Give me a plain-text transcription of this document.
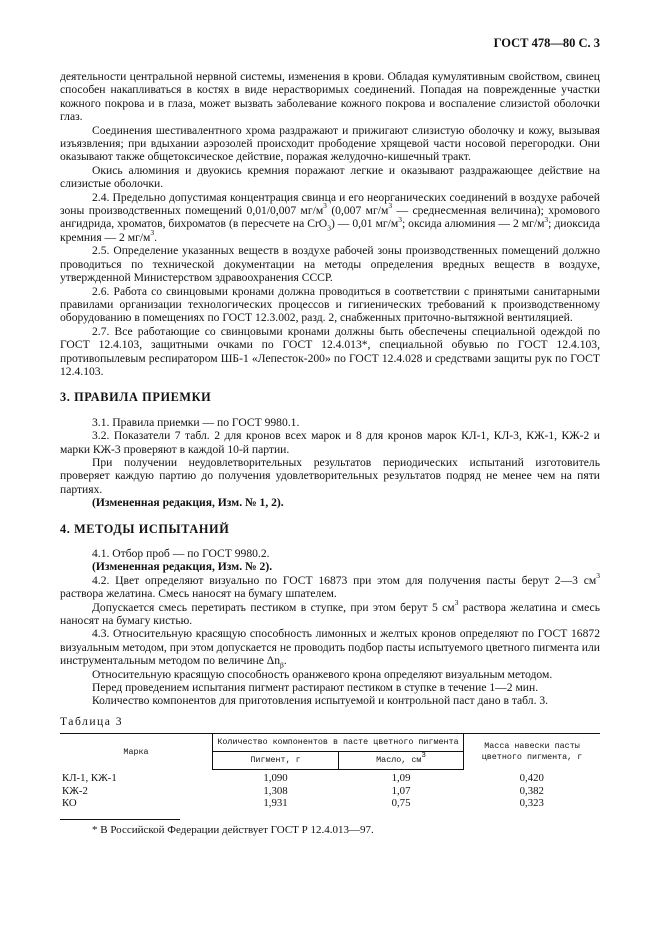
ГОСТ 478—80 С. 3

деятельности центральной нервной системы, изменения в крови. Обладая кумулятивным свойством, свинец способен накапливаться в костях в виде нерастворимых соединений. Попадая на поврежденные участки кожного покрова и в глаза, может вызвать заболевание кожного покрова и воспаление слизистой оболочки глаз.

Соединения шестивалентного хрома раздражают и прижигают слизистую оболочку и кожу, вызывая изъязвления; при вдыхании аэрозолей происходит прободение хрящевой части носовой перегородки. Они оказывают также общетоксическое действие, поражая желудочно-кишечный тракт.

Окись алюминия и двуокись кремния поражают легкие и оказывают раздражающее действие на слизистые оболочки.

2.4. Предельно допустимая концентрация свинца и его неорганических соединений в воздухе рабочей зоны производственных помещений 0,01/0,007 $мг/м^3$ (0,007 $мг/м^3$ — среднесменная величина); хромового ангидрида, хроматов, бихроматов (в пересчете на CrO$_3$) — 0,01 $мг/м^3$; оксида алюминия — 2 $мг/м^3$; диоксида кремния — 2 $мг/м^3$.

2.5. Определение указанных веществ в воздухе рабочей зоны производственных помещений должно проводиться по технической документации на методы определения вредных веществ в воздухе, утвержденной Министерством здравоохранения СССР.

2.6. Работа со свинцовыми кронами должна проводиться в соответствии с принятыми санитарными правилами организации технологических процессов и гигиенических требований к производственному оборудованию в помещениях по ГОСТ 12.3.002, разд. 2, снабженных приточно-вытяжной вентиляцией.

2.7. Все работающие со свинцовыми кронами должны быть обеспечены специальной одеждой по ГОСТ 12.4.103, защитными очками по ГОСТ 12.4.013*, специальной обувью по ГОСТ 12.4.103, противопылевым респиратором ШБ-1 «Лепесток-200» по ГОСТ 12.4.028 и средствами защиты рук по ГОСТ 12.4.103.

3. ПРАВИЛА ПРИЕМКИ

3.1. Правила приемки — по ГОСТ 9980.1.

3.2. Показатели 7 табл. 2 для кронов всех марок и 8 для кронов марок КЛ-1, КЛ-3, КЖ-1, КЖ-2 и марки КЖ-3 проверяют в каждой 10-й партии.

При получении неудовлетворительных результатов периодических испытаний изготовитель проверяет каждую партию до получения удовлетворительных результатов подряд не менее чем на пяти партиях.

(Измененная редакция, Изм. № 1, 2).

4. МЕТОДЫ ИСПЫТАНИЙ

4.1. Отбор проб — по ГОСТ 9980.2.

(Измененная редакция, Изм. № 2).

4.2. Цвет определяют визуально по ГОСТ 16873 при этом для получения пасты берут 2—3 $см^3$ раствора желатина. Смесь наносят на бумагу шпателем.

Допускается смесь перетирать пестиком в ступке, при этом берут 5 $см^3$ раствора желатина и смесь наносят на бумагу кистью.

4.3. Относительную красящую способность лимонных и желтых кронов определяют по ГОСТ 16872 визуальным методом, при этом допускается не проводить подбор пасты испытуемого цветного пигмента или инструментальным методом по величине $\Delta n_\beta$.

Относительную красящую способность оранжевого крона определяют визуальным методом.

Перед проведением испытания пигмент растирают пестиком в ступке в течение 1—2 мин.

Количество компонентов для приготовления испытуемой и контрольной паст дано в табл. 3.

Таблица 3

Марка	Количество компонентов в пасте цветного пигмента		Масса навески пасты цветного пигмента, г
	Пигмент, г	Масло, $см^3$
КЛ-1, КЖ-1	1,090	1,09	0,420
КЖ-2	1,308	1,07	0,382
КО	1,931	0,75	0,323

* В Российской Федерации действует ГОСТ Р 12.4.013—97.
